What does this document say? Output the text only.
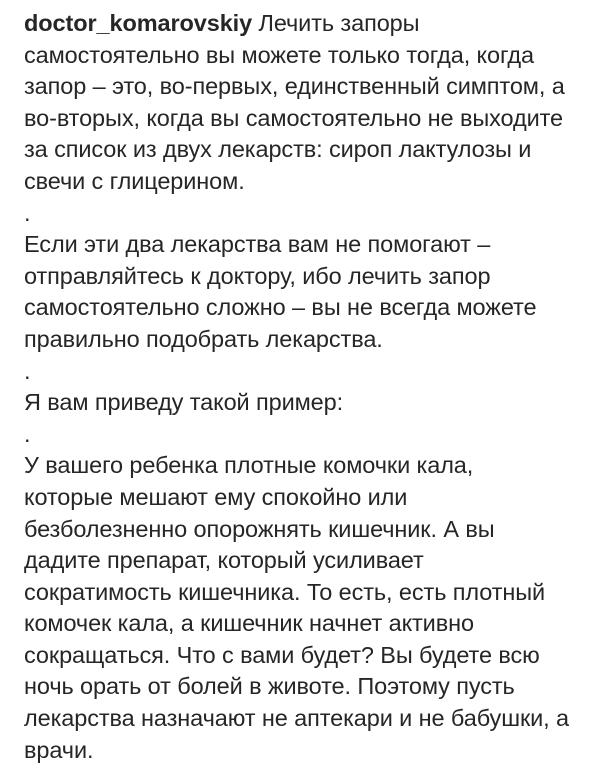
doctor_komarovskiy Лечить запоры
самостоятельно вы можете только тогда, когда
запор – это, во-первых, единственный симптом, а
во-вторых, когда вы самостоятельно не выходите
за список из двух лекарств: сироп лактулозы и
свечи с глицерином.

.

Если эти два лекарства вам не помогают –
отправляйтесь к доктору, ибо лечить запор
самостоятельно сложно – вы не всегда можете
правильно подобрать лекарства.

.

Я вам приведу такой пример:

.

У вашего ребенка плотные комочки кала,
которые мешают ему спокойно или
безболезненно опорожнять кишечник. А вы
дадите препарат, который усиливает
сократимость кишечника. То есть, есть плотный
комочек кала, а кишечник начнет активно
сокращаться. Что с вами будет? Вы будете всю
ночь орать от болей в животе. Поэтому пусть
лекарства назначают не аптекари и не бабушки, а
врачи.
